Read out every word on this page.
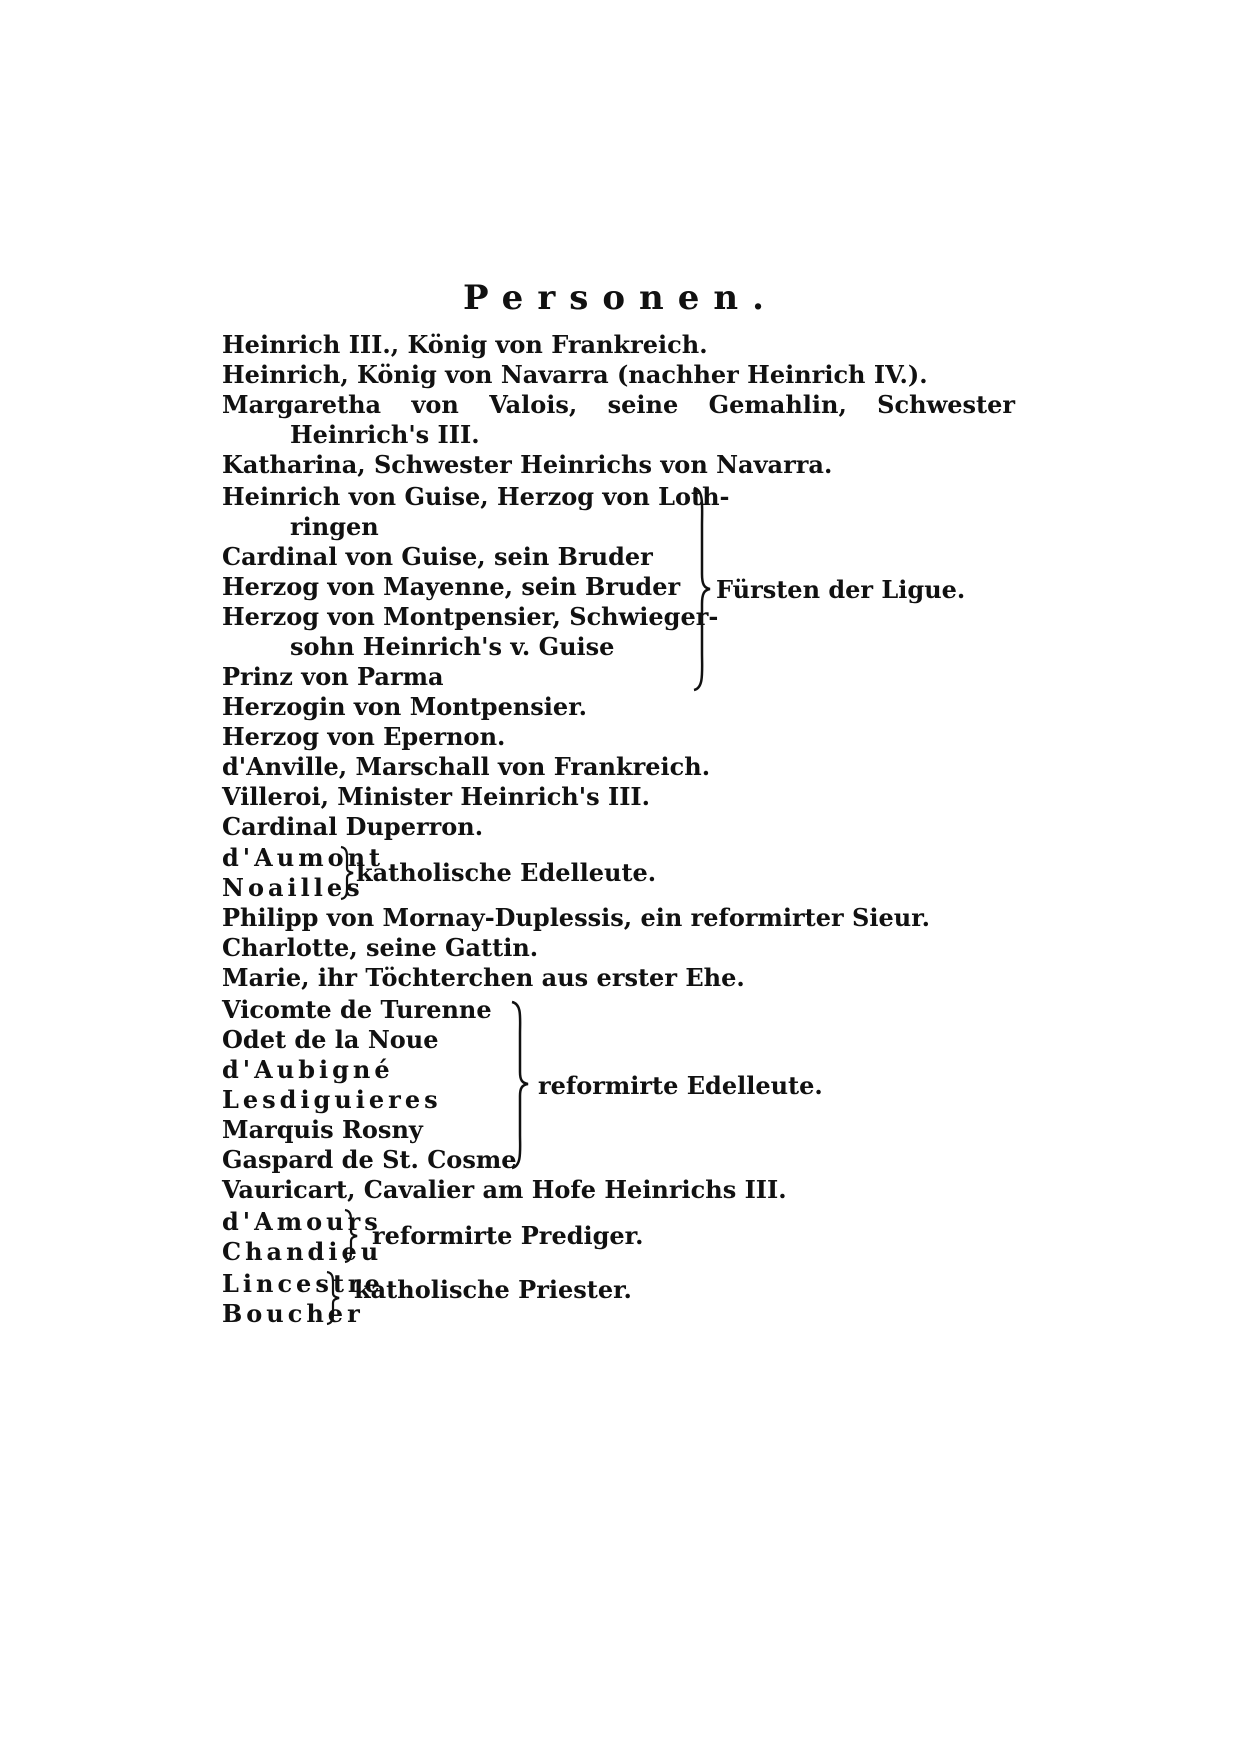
Personen.
Heinrich III., König von Frankreich.
Heinrich, König von Navarra (nachher Heinrich IV.).
Margaretha von Valois, seine Gemahlin, Schwester
Heinrich's III.
Katharina, Schwester Heinrichs von Navarra.
Heinrich von Guise, Herzog von Loth-
ringen
Cardinal von Guise, sein Bruder
Herzog von Mayenne, sein Bruder
Herzog von Montpensier, Schwieger-
sohn Heinrich's v. Guise
Prinz von Parma
Fürsten der Ligue.
Herzogin von Montpensier.
Herzog von Epernon.
d'Anville, Marschall von Frankreich.
Villeroi, Minister Heinrich's III.
Cardinal Duperron.
d'Aumont
Noailles
katholische Edelleute.
Philipp von Mornay-Duplessis, ein reformirter Sieur.
Charlotte, seine Gattin.
Marie, ihr Töchterchen aus erster Ehe.
Vicomte de Turenne
Odet de la Noue
d'Aubigné
Lesdiguieres
Marquis Rosny
Gaspard de St. Cosme
reformirte Edelleute.
Vauricart, Cavalier am Hofe Heinrichs III.
d'Amours
Chandieu
reformirte Prediger.
Lincestre
Boucher
katholische Priester.
